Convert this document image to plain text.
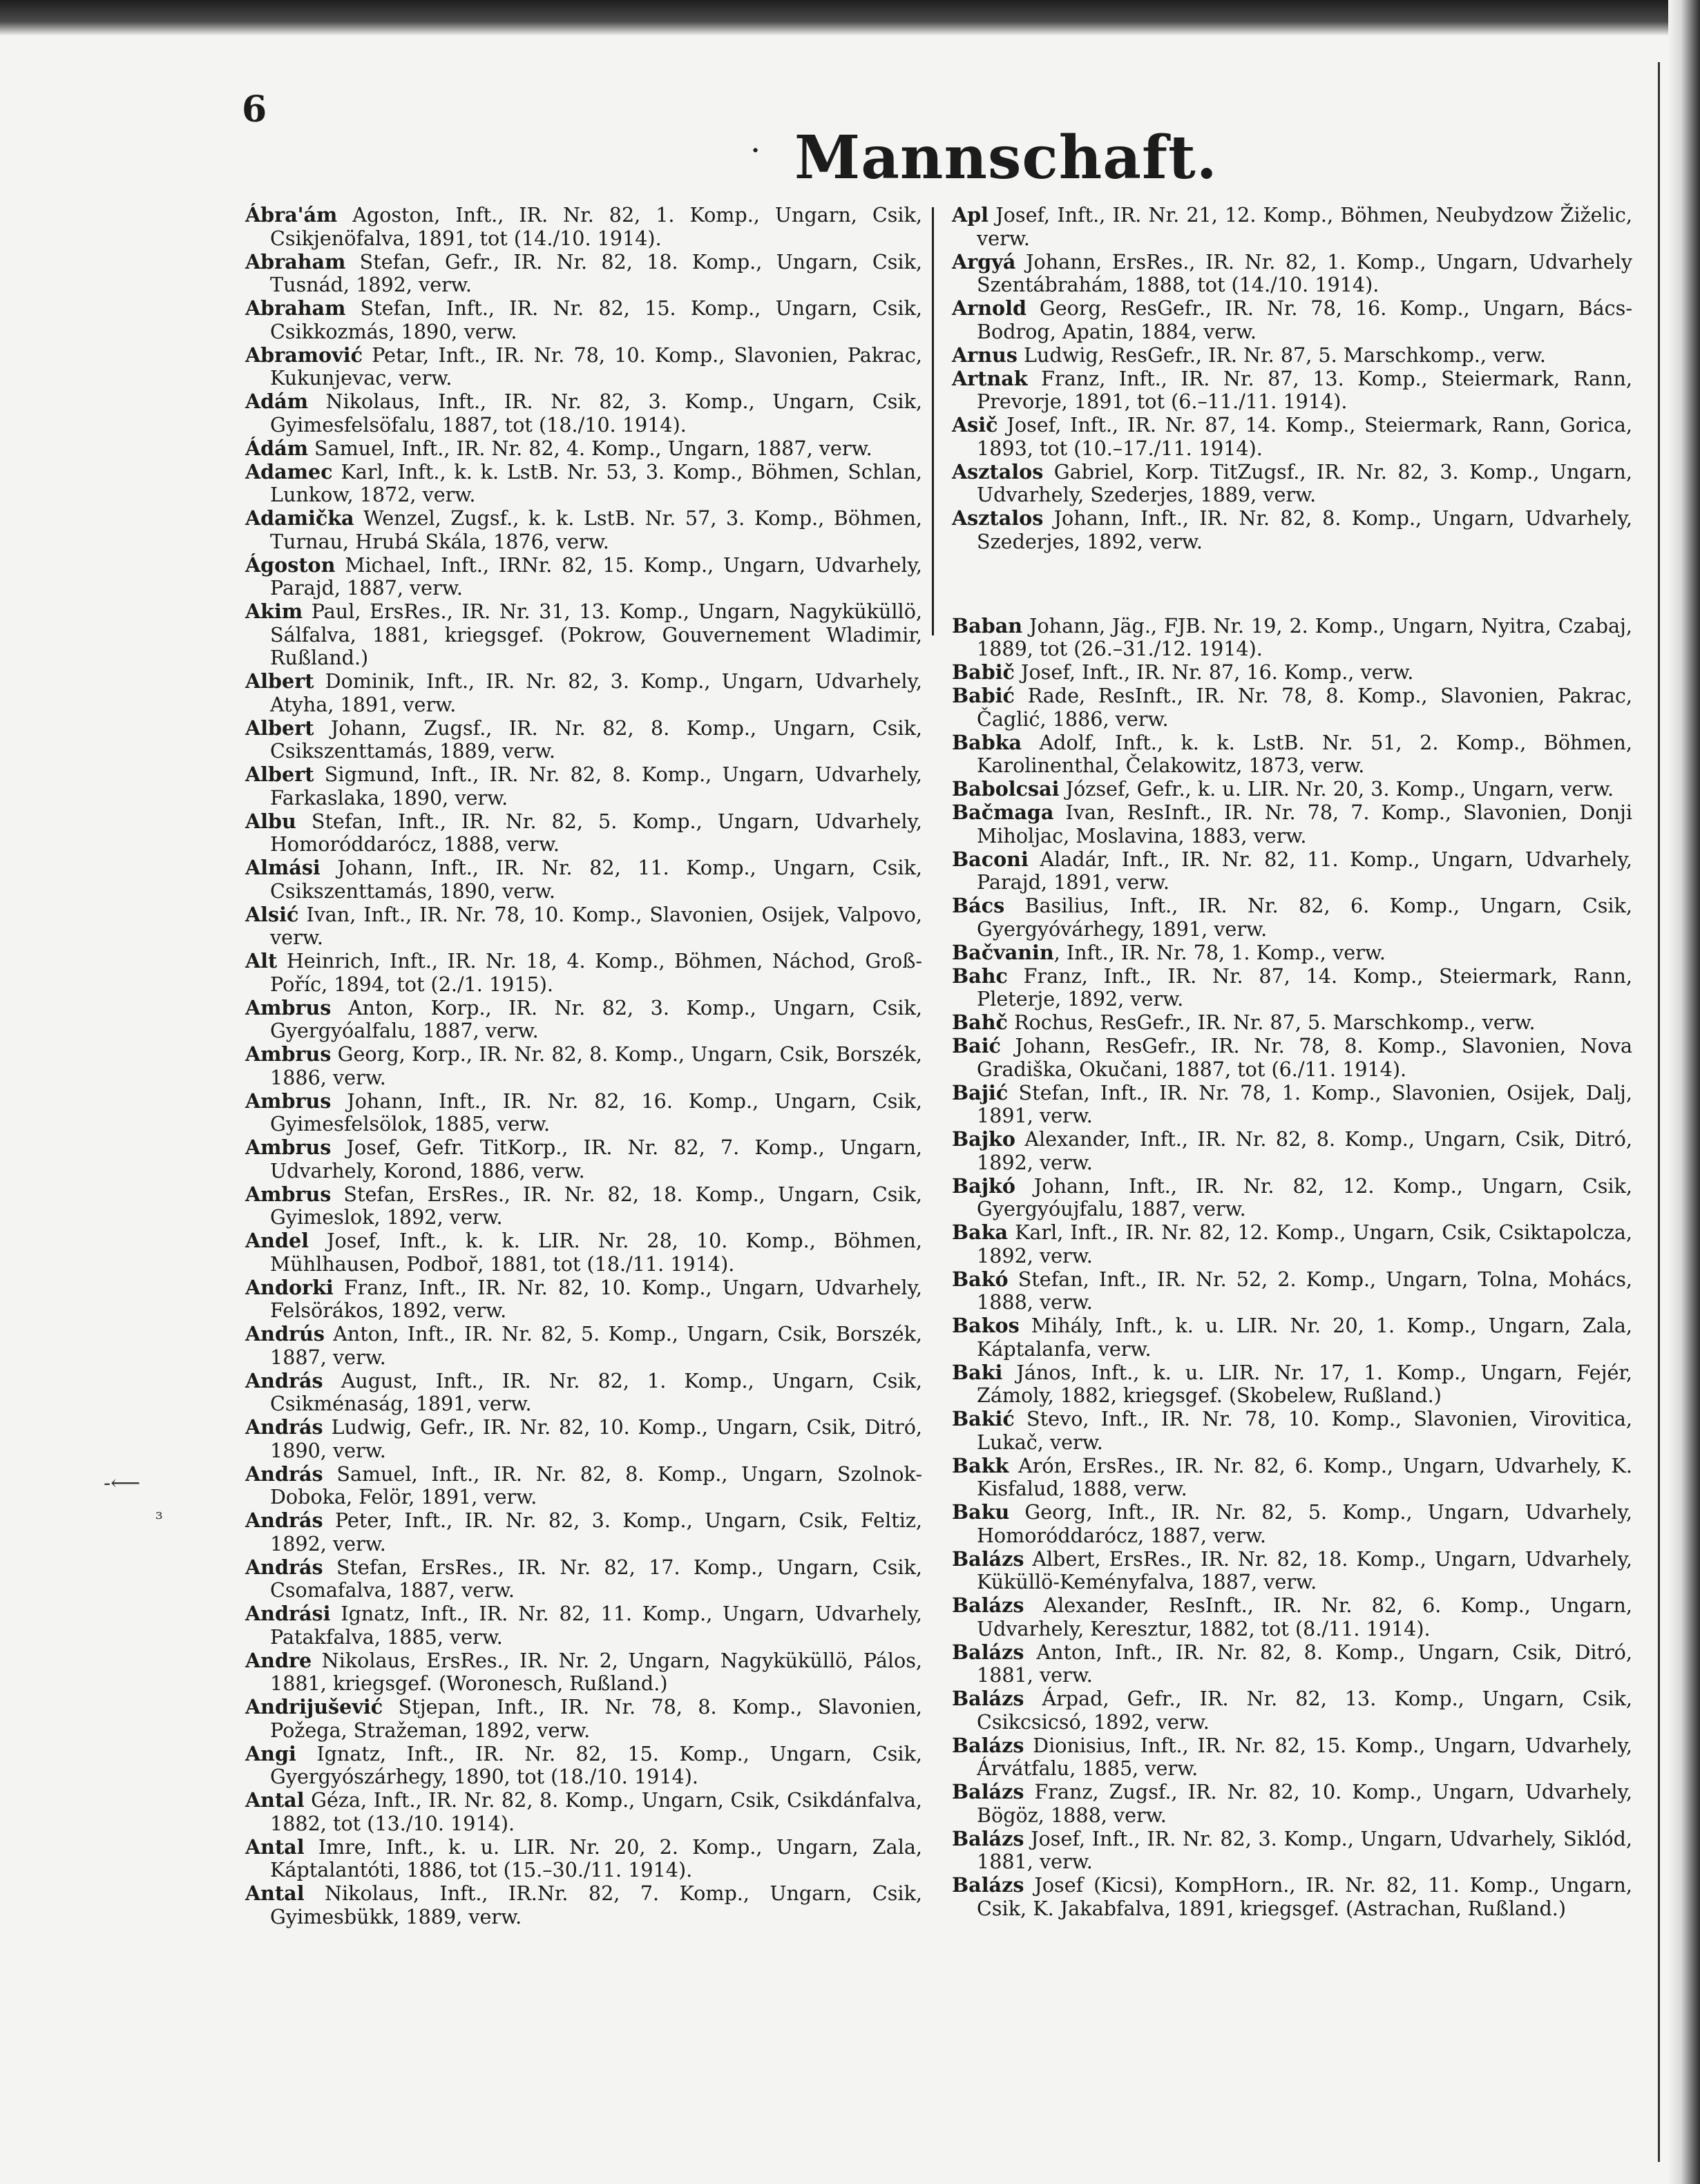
6
· Mannschaft.

Ábra'ám Agoston, Inft., IR. Nr. 82, 1. Komp., Ungarn, Csik, Csikjenöfalva, 1891, tot (14./10. 1914).

Abraham Stefan, Gefr., IR. Nr. 82, 18. Komp., Ungarn, Csik, Tusnád, 1892, verw.

Abraham Stefan, Inft., IR. Nr. 82, 15. Komp., Ungarn, Csik, Csikkozmás, 1890, verw.

Abramović Petar, Inft., IR. Nr. 78, 10. Komp., Slavonien, Pakrac, Kukunjevac, verw.

Adám Nikolaus, Inft., IR. Nr. 82, 3. Komp., Ungarn, Csik, Gyimesfelsöfalu, 1887, tot (18./10. 1914).

Ádám Samuel, Inft., IR. Nr. 82, 4. Komp., Ungarn, 1887, verw.

Adamec Karl, Inft., k. k. LstB. Nr. 53, 3. Komp., Böhmen, Schlan, Lunkow, 1872, verw.

Adamička Wenzel, Zugsf., k. k. LstB. Nr. 57, 3. Komp., Böhmen, Turnau, Hrubá Skála, 1876, verw.

Ágoston Michael, Inft., IRNr. 82, 15. Komp., Ungarn, Udvarhely, Parajd, 1887, verw.

Akim Paul, ErsRes., IR. Nr. 31, 13. Komp., Ungarn, Nagyküküllö, Sálfalva, 1881, kriegsgef. (Pokrow, Gouvernement Wladimir, Rußland.)

Albert Dominik, Inft., IR. Nr. 82, 3. Komp., Ungarn, Udvarhely, Atyha, 1891, verw.

Albert Johann, Zugsf., IR. Nr. 82, 8. Komp., Ungarn, Csik, Csikszenttamás, 1889, verw.

Albert Sigmund, Inft., IR. Nr. 82, 8. Komp., Ungarn, Udvarhely, Farkaslaka, 1890, verw.

Albu Stefan, Inft., IR. Nr. 82, 5. Komp., Ungarn, Udvarhely, Homoróddarócz, 1888, verw.

Almási Johann, Inft., IR. Nr. 82, 11. Komp., Ungarn, Csik, Csikszenttamás, 1890, verw.

Alsić Ivan, Inft., IR. Nr. 78, 10. Komp., Slavonien, Osijek, Valpovo, verw.

Alt Heinrich, Inft., IR. Nr. 18, 4. Komp., Böhmen, Náchod, Groß-Poříc, 1894, tot (2./1. 1915).

Ambrus Anton, Korp., IR. Nr. 82, 3. Komp., Ungarn, Csik, Gyergyóalfalu, 1887, verw.

Ambrus Georg, Korp., IR. Nr. 82, 8. Komp., Ungarn, Csik, Borszék, 1886, verw.

Ambrus Johann, Inft., IR. Nr. 82, 16. Komp., Ungarn, Csik, Gyimesfelsölok, 1885, verw.

Ambrus Josef, Gefr. TitKorp., IR. Nr. 82, 7. Komp., Ungarn, Udvarhely, Korond, 1886, verw.

Ambrus Stefan, ErsRes., IR. Nr. 82, 18. Komp., Ungarn, Csik, Gyimeslok, 1892, verw.

Andel Josef, Inft., k. k. LIR. Nr. 28, 10. Komp., Böhmen, Mühlhausen, Podbor̆, 1881, tot (18./11. 1914).

Andorki Franz, Inft., IR. Nr. 82, 10. Komp., Ungarn, Udvarhely, Felsörákos, 1892, verw.

Andrús Anton, Inft., IR. Nr. 82, 5. Komp., Ungarn, Csik, Borszék, 1887, verw.

András August, Inft., IR. Nr. 82, 1. Komp., Ungarn, Csik, Csikménaság, 1891, verw.

András Ludwig, Gefr., IR. Nr. 82, 10. Komp., Ungarn, Csik, Ditró, 1890, verw.

András Samuel, Inft., IR. Nr. 82, 8. Komp., Ungarn, Szolnok-Doboka, Felör, 1891, verw.

András Peter, Inft., IR. Nr. 82, 3. Komp., Ungarn, Csik, Feltiz, 1892, verw.

András Stefan, ErsRes., IR. Nr. 82, 17. Komp., Ungarn, Csik, Csomafalva, 1887, verw.

Andrási Ignatz, Inft., IR. Nr. 82, 11. Komp., Ungarn, Udvarhely, Patakfalva, 1885, verw.

Andre Nikolaus, ErsRes., IR. Nr. 2, Ungarn, Nagyküküllö, Pálos, 1881, kriegsgef. (Woronesch, Rußland.)

Andrijušević Stjepan, Inft., IR. Nr. 78, 8. Komp., Slavonien, Požega, Stražeman, 1892, verw.

Angi Ignatz, Inft., IR. Nr. 82, 15. Komp., Ungarn, Csik, Gyergyószárhegy, 1890, tot (18./10. 1914).

Antal Géza, Inft., IR. Nr. 82, 8. Komp., Ungarn, Csik, Csikdánfalva, 1882, tot (13./10. 1914).

Antal Imre, Inft., k. u. LIR. Nr. 20, 2. Komp., Ungarn, Zala, Káptalantóti, 1886, tot (15.–30./11. 1914).

Antal Nikolaus, Inft., IR.Nr. 82, 7. Komp., Ungarn, Csik, Gyimesbükk, 1889, verw.

Apl Josef, Inft., IR. Nr. 21, 12. Komp., Böhmen, Neubydzow Žiželic, verw.

Argyá Johann, ErsRes., IR. Nr. 82, 1. Komp., Ungarn, Udvarhely Szentábrahám, 1888, tot (14./10. 1914).

Arnold Georg, ResGefr., IR. Nr. 78, 16. Komp., Ungarn, Bács-Bodrog, Apatin, 1884, verw.

Arnus Ludwig, ResGefr., IR. Nr. 87, 5. Marschkomp., verw.

Artnak Franz, Inft., IR. Nr. 87, 13. Komp., Steiermark, Rann, Prevorje, 1891, tot (6.–11./11. 1914).

Asič Josef, Inft., IR. Nr. 87, 14. Komp., Steiermark, Rann, Gorica, 1893, tot (10.–17./11. 1914).

Asztalos Gabriel, Korp. TitZugsf., IR. Nr. 82, 3. Komp., Ungarn, Udvarhely, Szederjes, 1889, verw.

Asztalos Johann, Inft., IR. Nr. 82, 8. Komp., Ungarn, Udvarhely, Szederjes, 1892, verw.

Baban Johann, Jäg., FJB. Nr. 19, 2. Komp., Ungarn, Nyitra, Czabaj, 1889, tot (26.–31./12. 1914).

Babič Josef, Inft., IR. Nr. 87, 16. Komp., verw.

Babić Rade, ResInft., IR. Nr. 78, 8. Komp., Slavonien, Pakrac, Čaglić, 1886, verw.

Babka Adolf, Inft., k. k. LstB. Nr. 51, 2. Komp., Böhmen, Karolinenthal, Čelakowitz, 1873, verw.

Babolcsai József, Gefr., k. u. LIR. Nr. 20, 3. Komp., Ungarn, verw.

Bačmaga Ivan, ResInft., IR. Nr. 78, 7. Komp., Slavonien, Donji Miholjac, Moslavina, 1883, verw.

Baconi Aladár, Inft., IR. Nr. 82, 11. Komp., Ungarn, Udvarhely, Parajd, 1891, verw.

Bács Basilius, Inft., IR. Nr. 82, 6. Komp., Ungarn, Csik, Gyergyóvárhegy, 1891, verw.

Bačvanin, Inft., IR. Nr. 78, 1. Komp., verw.

Bahc Franz, Inft., IR. Nr. 87, 14. Komp., Steiermark, Rann, Pleterje, 1892, verw.

Bahč Rochus, ResGefr., IR. Nr. 87, 5. Marschkomp., verw.

Baić Johann, ResGefr., IR. Nr. 78, 8. Komp., Slavonien, Nova Gradiška, Okučani, 1887, tot (6./11. 1914).

Bajić Stefan, Inft., IR. Nr. 78, 1. Komp., Slavonien, Osijek, Dalj, 1891, verw.

Bajko Alexander, Inft., IR. Nr. 82, 8. Komp., Ungarn, Csik, Ditró, 1892, verw.

Bajkó Johann, Inft., IR. Nr. 82, 12. Komp., Ungarn, Csik, Gyergyóujfalu, 1887, verw.

Baka Karl, Inft., IR. Nr. 82, 12. Komp., Ungarn, Csik, Csiktapolcza, 1892, verw.

Bakó Stefan, Inft., IR. Nr. 52, 2. Komp., Ungarn, Tolna, Mohács, 1888, verw.

Bakos Mihály, Inft., k. u. LIR. Nr. 20, 1. Komp., Ungarn, Zala, Káptalanfa, verw.

Baki János, Inft., k. u. LIR. Nr. 17, 1. Komp., Ungarn, Fejér, Zámoly, 1882, kriegsgef. (Skobelew, Rußland.)

Bakić Stevo, Inft., IR. Nr. 78, 10. Komp., Slavonien, Virovitica, Lukač, verw.

Bakk Arón, ErsRes., IR. Nr. 82, 6. Komp., Ungarn, Udvarhely, K. Kisfalud, 1888, verw.

Baku Georg, Inft., IR. Nr. 82, 5. Komp., Ungarn, Udvarhely, Homoróddarócz, 1887, verw.

Balázs Albert, ErsRes., IR. Nr. 82, 18. Komp., Ungarn, Udvarhely, Küküllö-Keményfalva, 1887, verw.

Balázs Alexander, ResInft., IR. Nr. 82, 6. Komp., Ungarn, Udvarhely, Keresztur, 1882, tot (8./11. 1914).

Balázs Anton, Inft., IR. Nr. 82, 8. Komp., Ungarn, Csik, Ditró, 1881, verw.

Balázs Árpad, Gefr., IR. Nr. 82, 13. Komp., Ungarn, Csik, Csikcsicsó, 1892, verw.

Balázs Dionisius, Inft., IR. Nr. 82, 15. Komp., Ungarn, Udvarhely, Árvátfalu, 1885, verw.

Balázs Franz, Zugsf., IR. Nr. 82, 10. Komp., Ungarn, Udvarhely, Bögöz, 1888, verw.

Balázs Josef, Inft., IR. Nr. 82, 3. Komp., Ungarn, Udvarhely, Siklód, 1881, verw.

Balázs Josef (Kicsi), KompHorn., IR. Nr. 82, 11. Komp., Ungarn, Csik, K. Jakabfalva, 1891, kriegsgef. (Astrachan, Rußland.)

-⟵
ɜ
